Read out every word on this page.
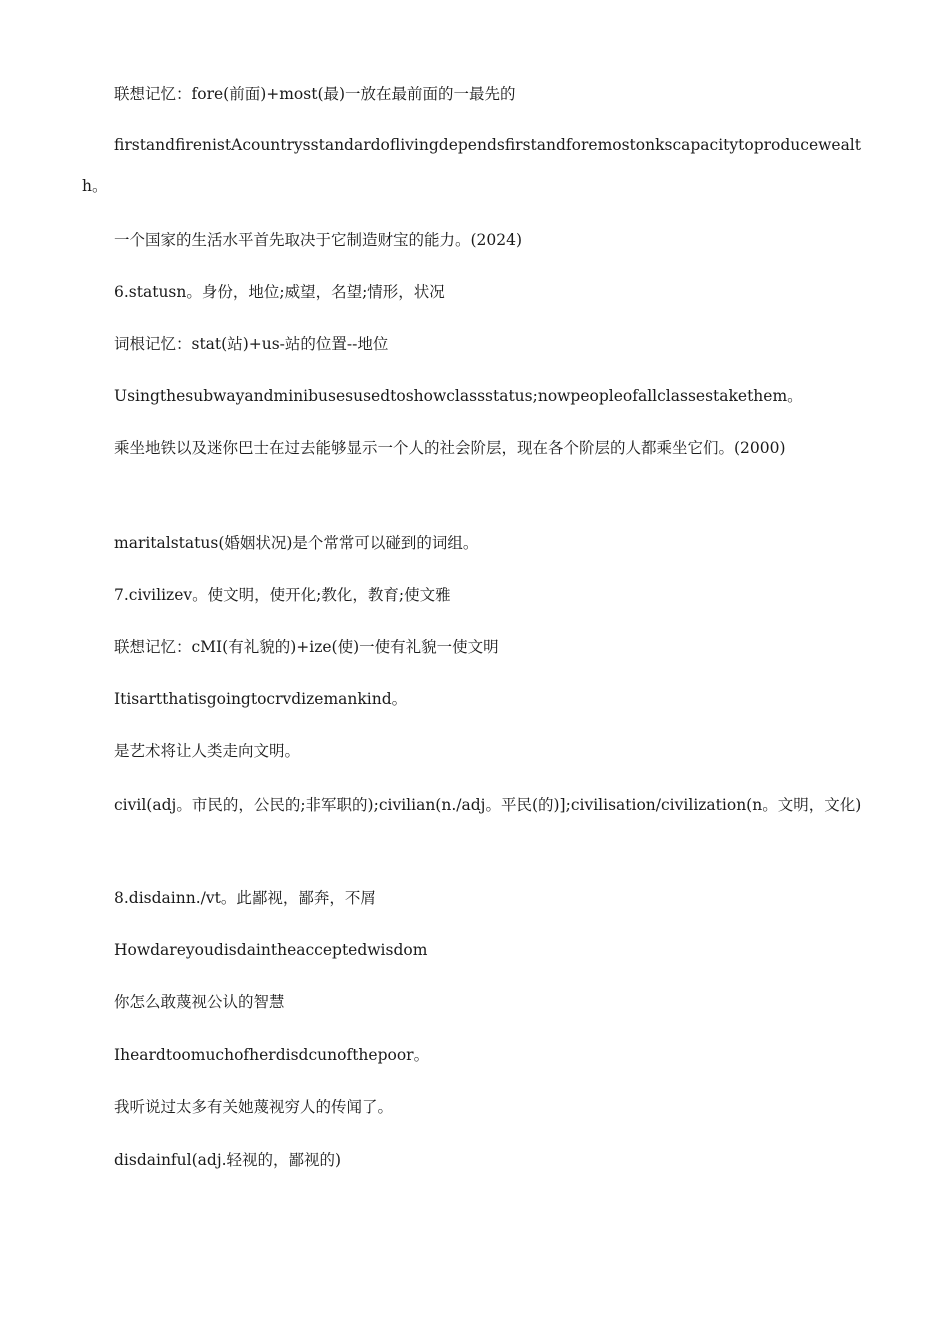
联想记忆：fore(前面)+most(最)一放在最前面的一最先的
firstandfirenistAcountrysstandardoflivingdependsfirstandforemostonkscapacitytoproducewealth。
一个国家的生活水平首先取决于它制造财宝的能力。(2024)
6.statusn。身份，地位;威望，名望;情形，状况
词根记忆：stat(站)+us-站的位置--地位
Usingthesubwayandminibusesusedtoshowclassstatus;nowpeopleofallclassestakethem。
乘坐地铁以及迷你巴士在过去能够显示一个人的社会阶层，现在各个阶层的人都乘坐它们。(2000)
maritalstatus(婚姻状况)是个常常可以碰到的词组。
7.civilizev。使文明，使开化;教化，教育;使文雅
联想记忆：cMI(有礼貌的)+ize(使)一使有礼貌一使文明
Itisartthatisgoingtocrvdizemankind。
是艺术将让人类走向文明。
civil(adj。市民的，公民的;非军职的);civilian(n./adj。平民(的)];civilisation/civilization(n。文明，文化)
8.disdainn./vt。此鄙视，鄙奔，不屑
Howdareyoudisdaintheacceptedwisdom
你怎么敢蔑视公认的智慧
Iheardtoomuchofherdisdcunofthepoor。
我听说过太多有关她蔑视穷人的传闻了。
disdainful(adj.轻视的，鄙视的)
